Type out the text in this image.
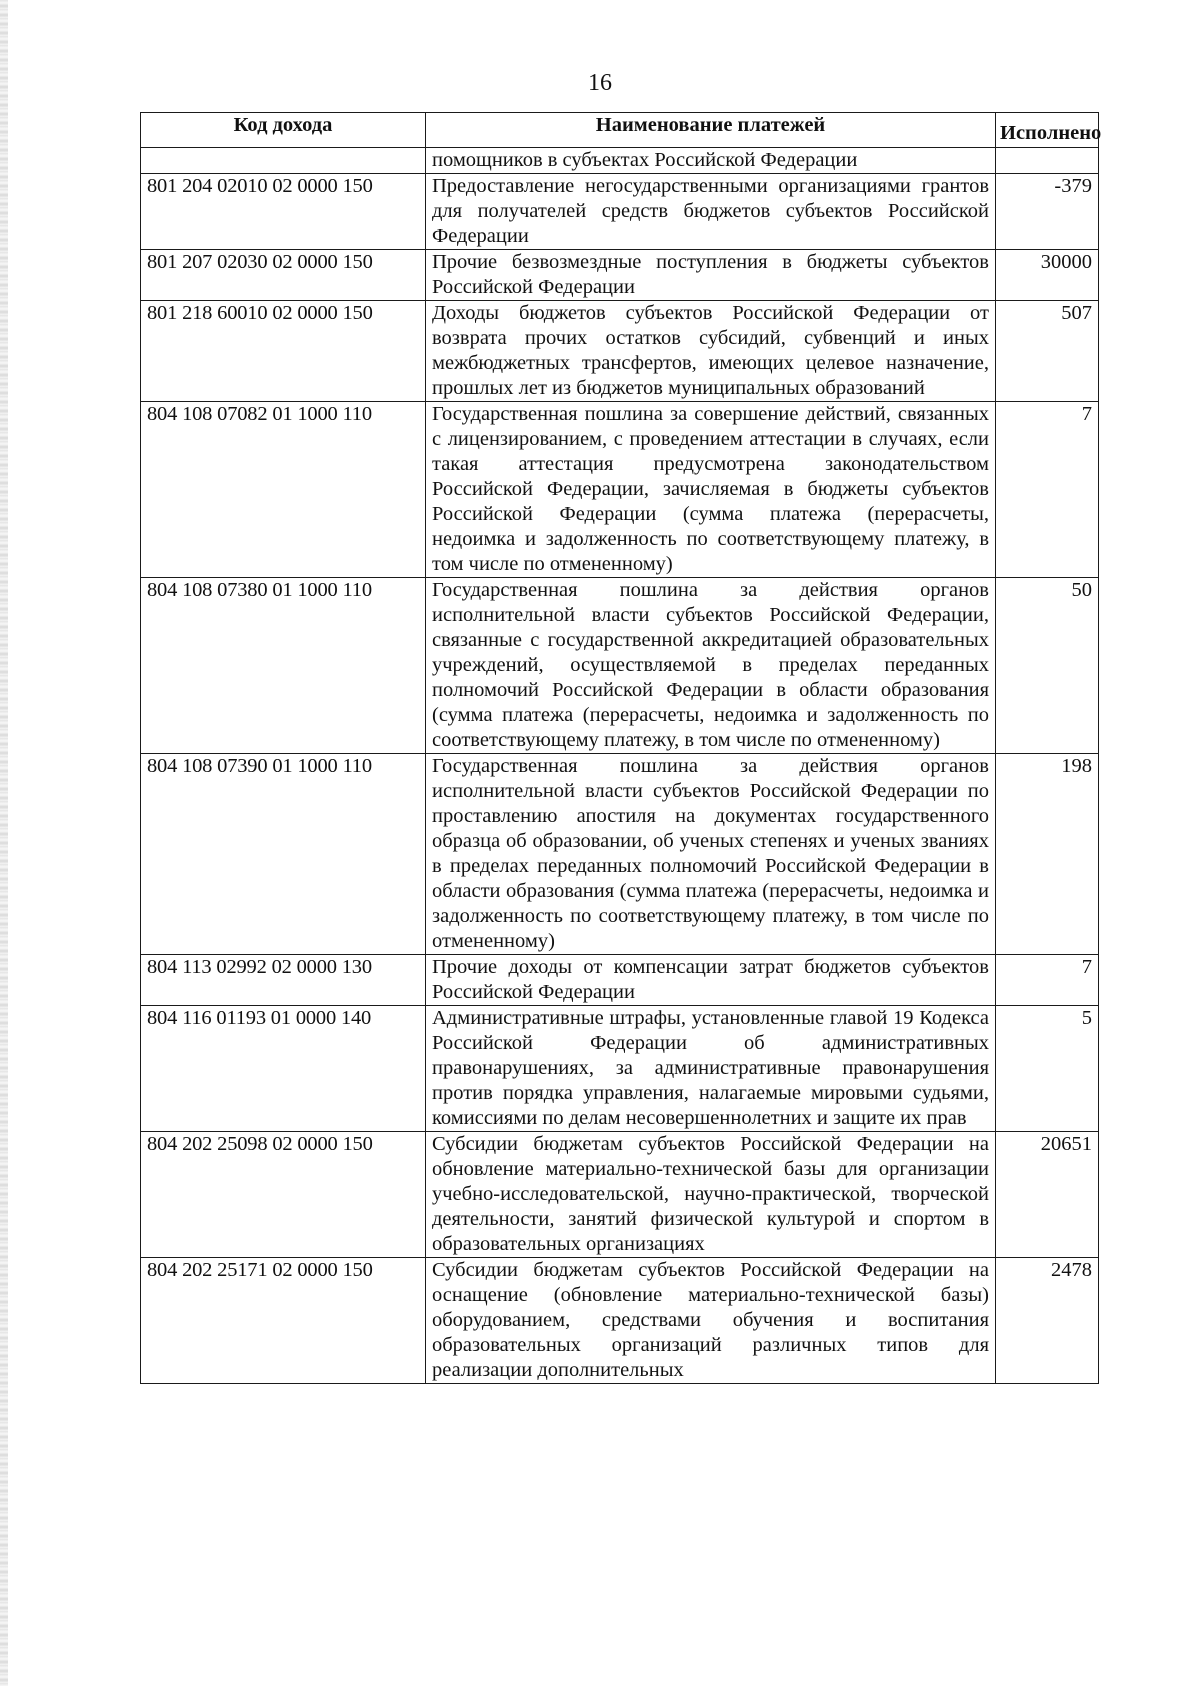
16
Код дохода	Наименование платежей	Исполнено
	помощников в субъектах Российской Федерации	
801 204 02010 02 0000 150	Предоставление негосударственными организациями грантов для получателей средств бюджетов субъектов Российской Федерации	-379
801 207 02030 02 0000 150	Прочие безвозмездные поступления в бюджеты субъектов Российской Федерации	30000
801 218 60010 02 0000 150	Доходы бюджетов субъектов Российской Федерации от возврата прочих остатков субсидий, субвенций и иных межбюджетных трансфертов, имеющих целевое назначение, прошлых лет из бюджетов муниципальных образований	507
804 108 07082 01 1000 110	Государственная пошлина за совершение действий, связанных с лицензированием, с проведением аттестации в случаях, если такая аттестация предусмотрена законодательством Российской Федерации, зачисляемая в бюджеты субъектов Российской Федерации (сумма платежа (перерасчеты, недоимка и задолженность по соответствующему платежу, в том числе по отмененному)	7
804 108 07380 01 1000 110	Государственная пошлина за действия органов исполнительной власти субъектов Российской Федерации, связанные с государственной аккредитацией образовательных учреждений, осуществляемой в пределах переданных полномочий Российской Федерации в области образования (сумма платежа (перерасчеты, недоимка и задолженность по соответствующему платежу, в том числе по отмененному)	50
804 108 07390 01 1000 110	Государственная пошлина за действия органов исполнительной власти субъектов Российской Федерации по проставлению апостиля на документах государственного образца об образовании, об ученых степенях и ученых званиях в пределах переданных полномочий Российской Федерации в области образования (сумма платежа (перерасчеты, недоимка и задолженность по соответствующему платежу, в том числе по отмененному)	198
804 113 02992 02 0000 130	Прочие доходы от компенсации затрат бюджетов субъектов Российской Федерации	7
804 116 01193 01 0000 140	Административные штрафы, установленные главой 19 Кодекса Российской Федерации об административных правонарушениях, за административные правонарушения против порядка управления, налагаемые мировыми судьями, комиссиями по делам несовершеннолетних и защите их прав	5
804 202 25098 02 0000 150	Субсидии бюджетам субъектов Российской Федерации на обновление материально-технической базы для организации учебно-исследовательской, научно-практической, творческой деятельности, занятий физической культурой и спортом в образовательных организациях	20651
804 202 25171 02 0000 150	Субсидии бюджетам субъектов Российской Федерации на оснащение (обновление материально-технической базы) оборудованием, средствами обучения и воспитания образовательных организаций различных типов для реализации дополнительных	2478
